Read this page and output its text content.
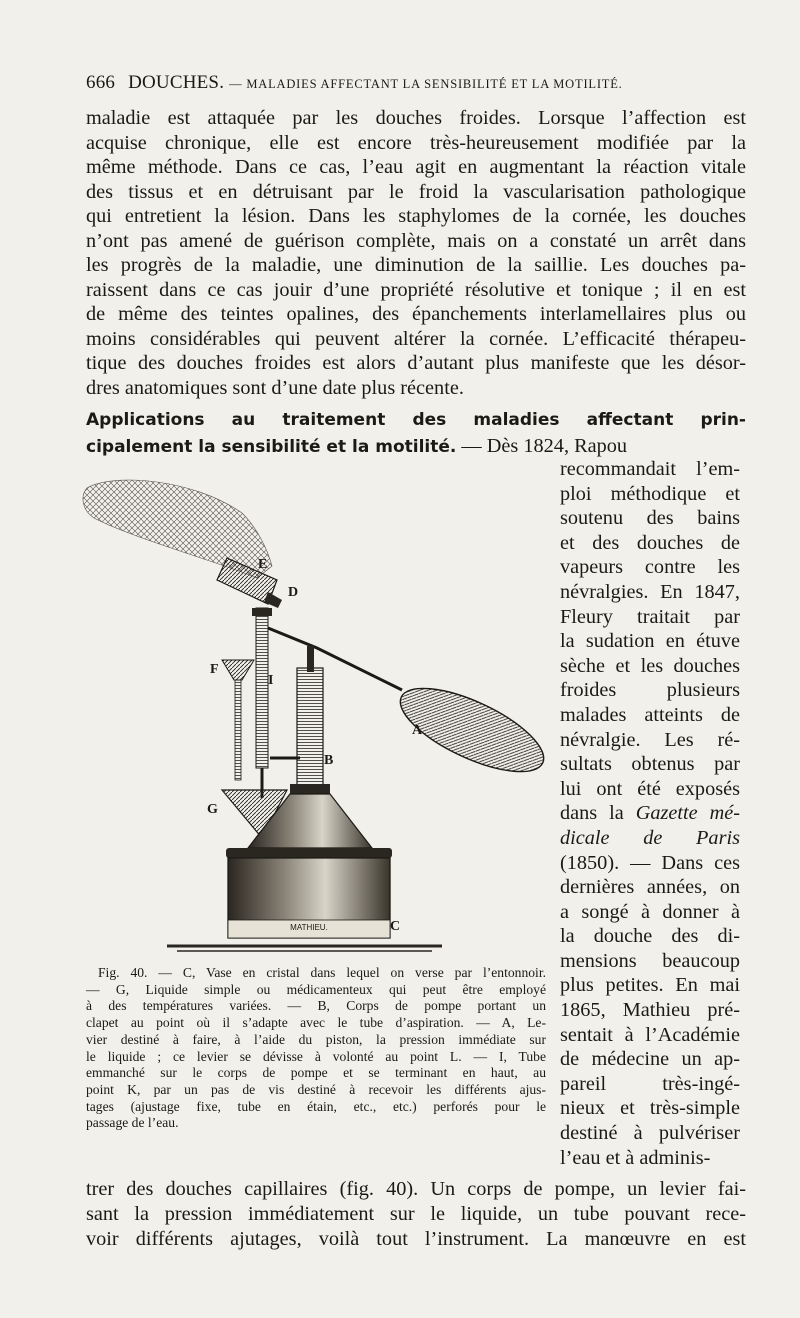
666 DOUCHES. — MALADIES AFFECTANT LA SENSIBILITÉ ET LA MOTILITÉ.
maladie est attaquée par les douches froides. Lorsque l’affection est
acquise chronique, elle est encore très-heureusement modifiée par la
même méthode. Dans ce cas, l’eau agit en augmentant la réaction vitale
des tissus et en détruisant par le froid la vascularisation pathologique
qui entretient la lésion. Dans les staphylomes de la cornée, les douches
n’ont pas amené de guérison complète, mais on a constaté un arrêt dans
les progrès de la maladie, une diminution de la saillie. Les douches pa-
raissent dans ce cas jouir d’une propriété résolutive et tonique ; il en est
de même des teintes opalines, des épanchements interlamellaires plus ou
moins considérables qui peuvent altérer la cornée. L’efficacité thérapeu-
tique des douches froides est alors d’autant plus manifeste que les désor-
dres anatomiques sont d’une date plus récente.
Applications au traitement des maladies affectant prin-
cipalement la sensibilité et la motilité. — Dès 1824, Rapou
recommandait l’em-
ploi méthodique et
soutenu des bains
et des douches de
vapeurs contre les
névralgies. En 1847,
Fleury traitait par
la sudation en étuve
sèche et les douches
froides plusieurs
malades atteints de
névralgie. Les ré-
sultats obtenus par
lui ont été exposés
dans la Gazette mé-
dicale de Paris
(1850). — Dans ces
dernières années, on
a songé à donner à
la douche des di-
mensions beaucoup
plus petites. En mai
1865, Mathieu pré-
sentait à l’Académie
de médecine un ap-
pareil très-ingé-
nieux et très-simple
destiné à pulvériser
l’eau et à adminis-
MATHIEU.
E
D
F
I
A
B
G
C
Fig. 40. — C, Vase en cristal dans lequel on verse par l’entonnoir.
— G, Liquide simple ou médicamenteux qui peut être employé
à des températures variées. — B, Corps de pompe portant un
clapet au point où il s’adapte avec le tube d’aspiration. — A, Le-
vier destiné à faire, à l’aide du piston, la pression immédiate sur
le liquide ; ce levier se dévisse à volonté au point L. — I, Tube
emmanché sur le corps de pompe et se terminant en haut, au
point K, par un pas de vis destiné à recevoir les différents ajus-
tages (ajustage fixe, tube en étain, etc., etc.) perforés pour le
passage de l’eau.
trer des douches capillaires (fig. 40). Un corps de pompe, un levier fai-
sant la pression immédiatement sur le liquide, un tube pouvant rece-
voir différents ajutages, voilà tout l’instrument. La manœuvre en est
